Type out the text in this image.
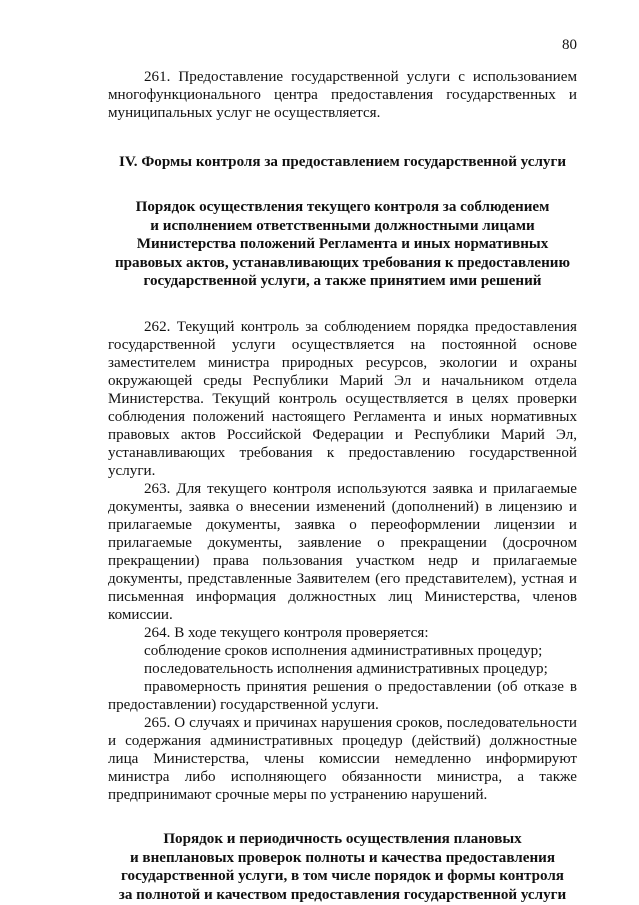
80

261. Предоставление государственной услуги с использованием многофункционального центра предоставления государственных и муниципальных услуг не осуществляется.

IV. Формы контроля за предоставлением государственной услуги

Порядок осуществления текущего контроля за соблюдением

и исполнением ответственными должностными лицами

Министерства положений Регламента и иных нормативных

правовых актов, устанавливающих требования к предоставлению

государственной услуги, а также принятием ими решений

262. Текущий контроль за соблюдением порядка предоставления государственной услуги осуществляется на постоянной основе заместителем министра природных ресурсов, экологии и охраны окружающей среды Республики Марий Эл и начальником отдела Министерства. Текущий контроль осуществляется в целях проверки соблюдения положений настоящего Регламента и иных нормативных правовых актов Российской Федерации и Республики Марий Эл, устанавливающих требования к предоставлению государственной услуги.

263. Для текущего контроля используются заявка и прилагаемые документы, заявка о внесении изменений (дополнений) в лицензию и прилагаемые документы, заявка о переоформлении лицензии и прилагаемые документы, заявление о прекращении (досрочном прекращении) права пользования участком недр и прилагаемые документы, представленные Заявителем (его представителем), устная и письменная информация должностных лиц Министерства, членов комиссии.

264. В ходе текущего контроля проверяется:

соблюдение сроков исполнения административных процедур;

последовательность исполнения административных процедур;

правомерность принятия решения о предоставлении (об отказе в предоставлении) государственной услуги.

265. О случаях и причинах нарушения сроков, последовательности и содержания административных процедур (действий) должностные лица Министерства, члены комиссии немедленно информируют министра либо исполняющего обязанности министра, а также предпринимают срочные меры по устранению нарушений.

Порядок и периодичность осуществления плановых

и внеплановых проверок полноты и качества предоставления

государственной услуги, в том числе порядок и формы контроля

за полнотой и качеством предоставления государственной услуги
